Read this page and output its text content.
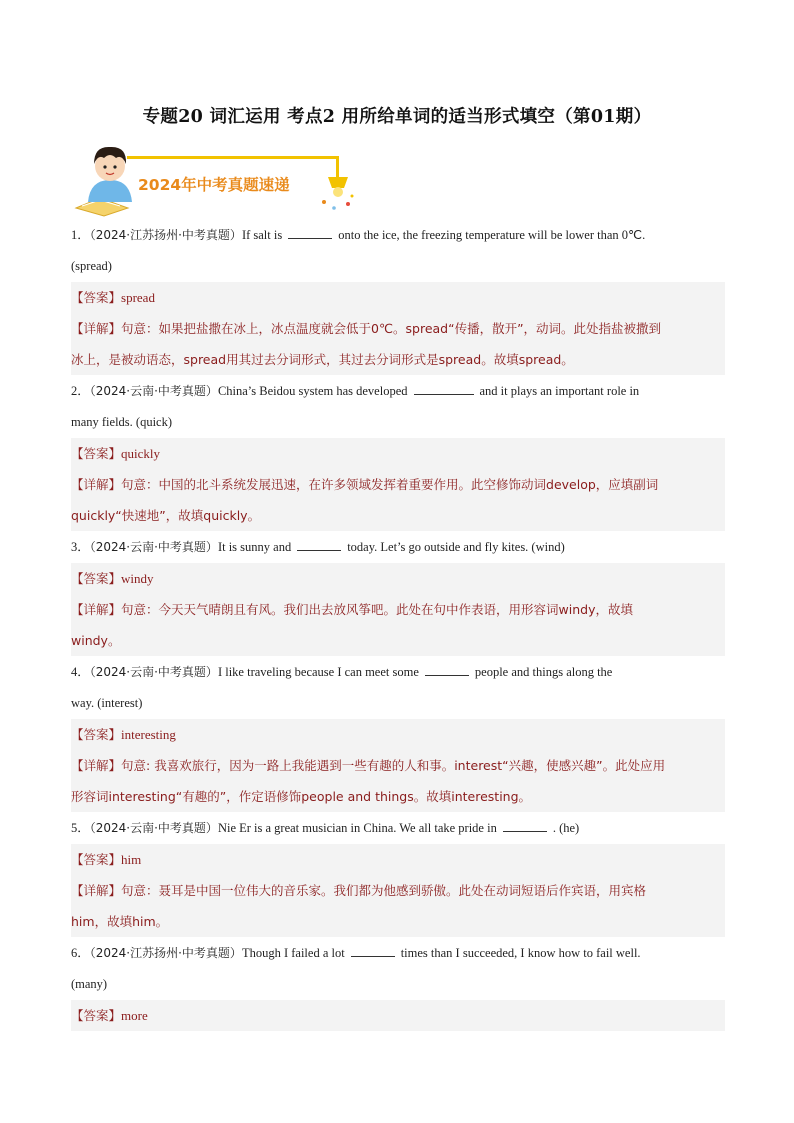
专题20 词汇运用 考点2 用所给单词的适当形式填空（第01期）
2024年中考真题速递
1．（2024·江苏扬州·中考真题）If salt is	onto the ice, the freezing temperature will be lower than 0℃.
(spread)
【答案】spread
【详解】句意：如果把盐撒在冰上，冰点温度就会低于0℃。spread“传播，散开”，动词。此处指盐被撒到
冰上，是被动语态，spread用其过去分词形式，其过去分词形式是spread。故填spread。
2．（2024·云南·中考真题）China’s Beidou system has developed	and it plays an important role in
many fields. (quick)
【答案】quickly
【详解】句意：中国的北斗系统发展迅速，在许多领域发挥着重要作用。此空修饰动词develop，应填副词
quickly“快速地”，故填quickly。
3．（2024·云南·中考真题）It is sunny and	today. Let’s go outside and fly kites. (wind)
【答案】windy
【详解】句意：今天天气晴朗且有风。我们出去放风筝吧。此处在句中作表语，用形容词windy，故填
windy。
4．（2024·云南·中考真题）I like traveling because I can meet some	people and things along the
way. (interest)
【答案】interesting
【详解】句意: 我喜欢旅行，因为一路上我能遇到一些有趣的人和事。interest“兴趣，使感兴趣”。此处应用
形容词interesting“有趣的”，作定语修饰people and things。故填interesting。
5．（2024·云南·中考真题）Nie Er is a great musician in China. We all take pride in	. (he)
【答案】him
【详解】句意：聂耳是中国一位伟大的音乐家。我们都为他感到骄傲。此处在动词短语后作宾语，用宾格
him，故填him。
6．（2024·江苏扬州·中考真题）Though I failed a lot	times than I succeeded, I know how to fail well.
(many)
【答案】more
